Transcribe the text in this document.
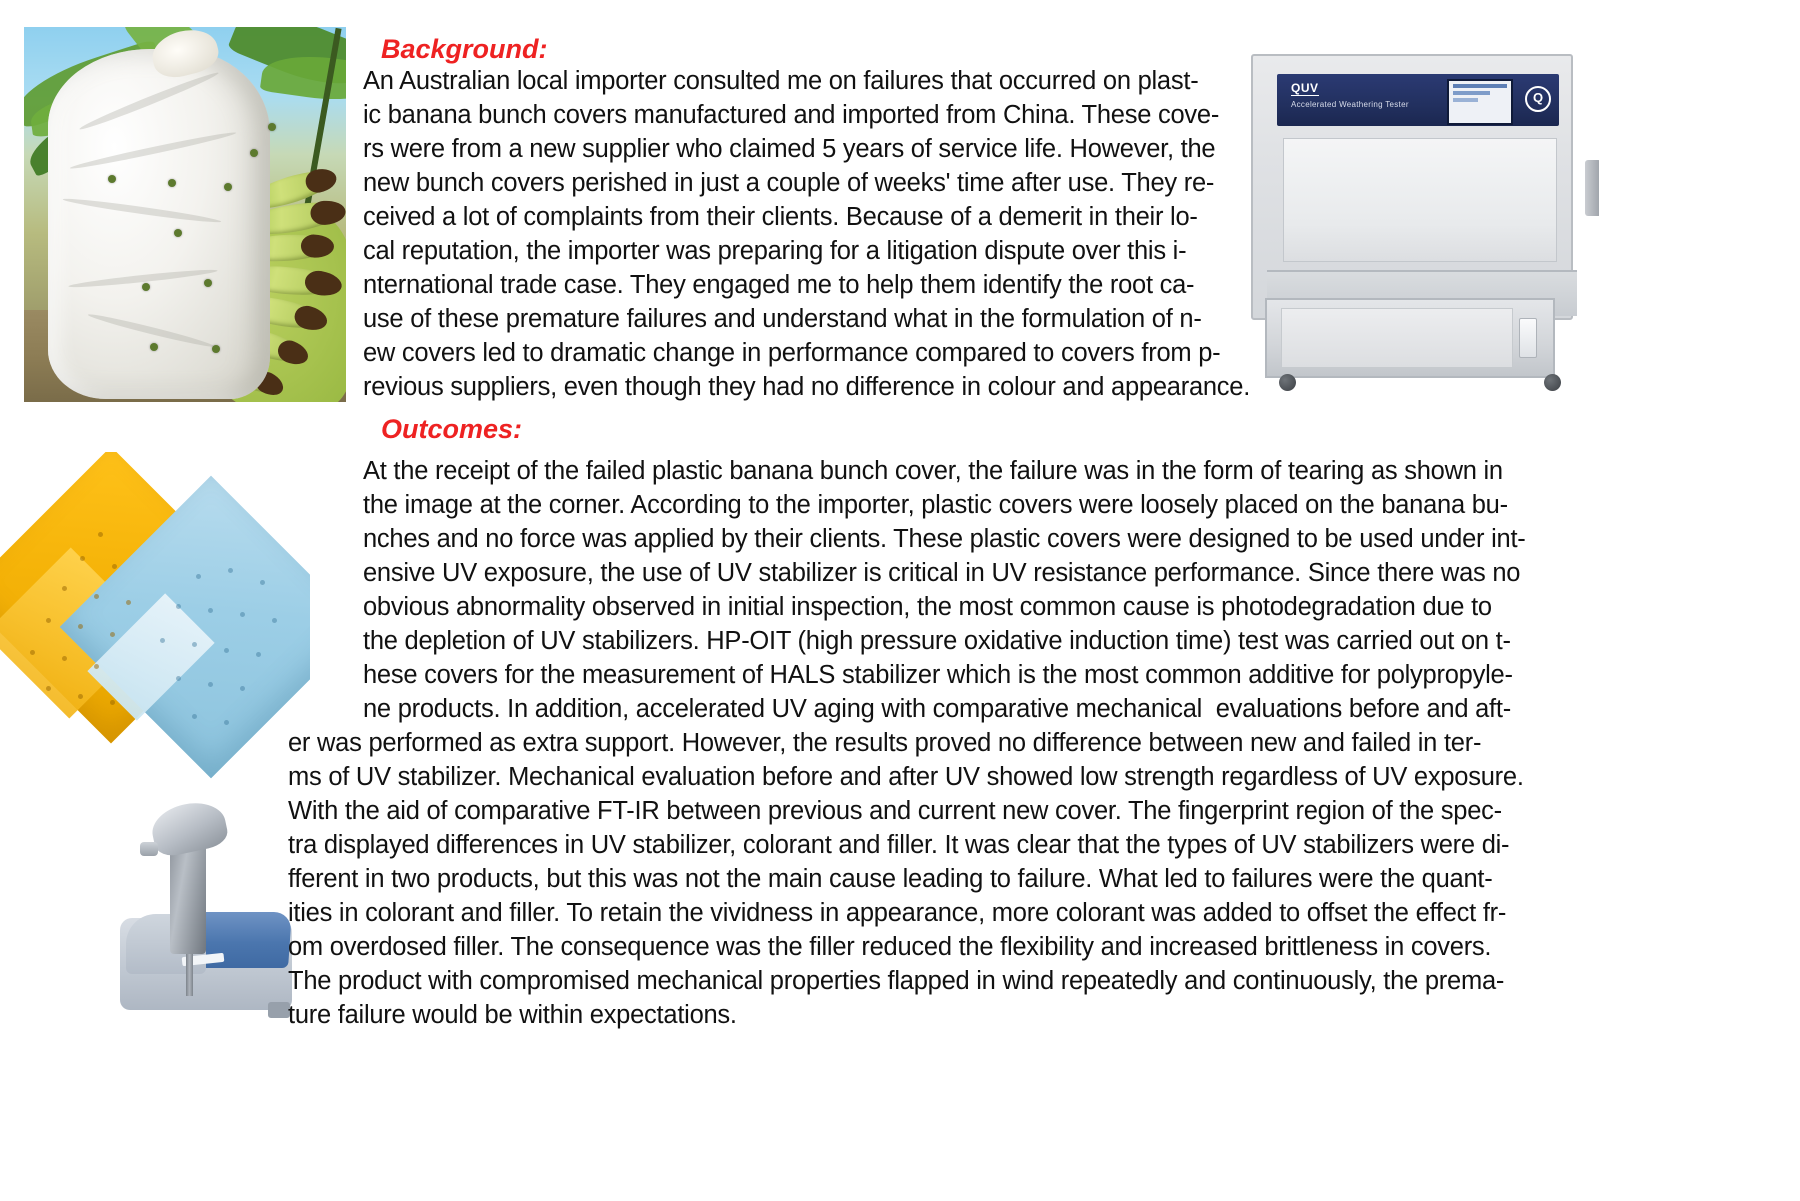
QUV
Accelerated Weathering Tester	Q
Background:
An Australian local importer consulted me on failures that occurred on plast-
ic banana bunch covers manufactured and imported from China. These cove-
rs were from a new supplier who claimed 5 years of service life. However, the
new bunch covers perished in just a couple of weeks' time after use. They re-
ceived a lot of complaints from their clients. Because of a demerit in their lo-
cal reputation, the importer was preparing for a litigation dispute over this i-
nternational trade case. They engaged me to help them identify the root ca-
use of these premature failures and understand what in the formulation of n-
ew covers led to dramatic change in performance compared to covers from p-
revious suppliers, even though they had no difference in colour and appearance.
Outcomes:
At the receipt of the failed plastic banana bunch cover, the failure was in the form of tearing as shown in
the image at the corner. According to the importer, plastic covers were loosely placed on the banana bu-
nches and no force was applied by their clients. These plastic covers were designed to be used under int-
ensive UV exposure, the use of UV stabilizer is critical in UV resistance performance. Since there was no
obvious abnormality observed in initial inspection, the most common cause is photodegradation due to
the depletion of UV stabilizers. HP-OIT (high pressure oxidative induction time) test was carried out on t-
hese covers for the measurement of HALS stabilizer which is the most common additive for polypropyle-
ne products. In addition, accelerated UV aging with comparative mechanical  evaluations before and aft-
er was performed as extra support. However, the results proved no difference between new and failed in ter-
ms of UV stabilizer. Mechanical evaluation before and after UV showed low strength regardless of UV exposure.
With the aid of comparative FT-IR between previous and current new cover. The fingerprint region of the spec-
tra displayed differences in UV stabilizer, colorant and filler. It was clear that the types of UV stabilizers were di-
fferent in two products, but this was not the main cause leading to failure. What led to failures were the quant-
ities in colorant and filler. To retain the vividness in appearance, more colorant was added to offset the effect fr-
om overdosed filler. The consequence was the filler reduced the flexibility and increased brittleness in covers.
The product with compromised mechanical properties flapped in wind repeatedly and continuously, the prema-
ture failure would be within expectations.
